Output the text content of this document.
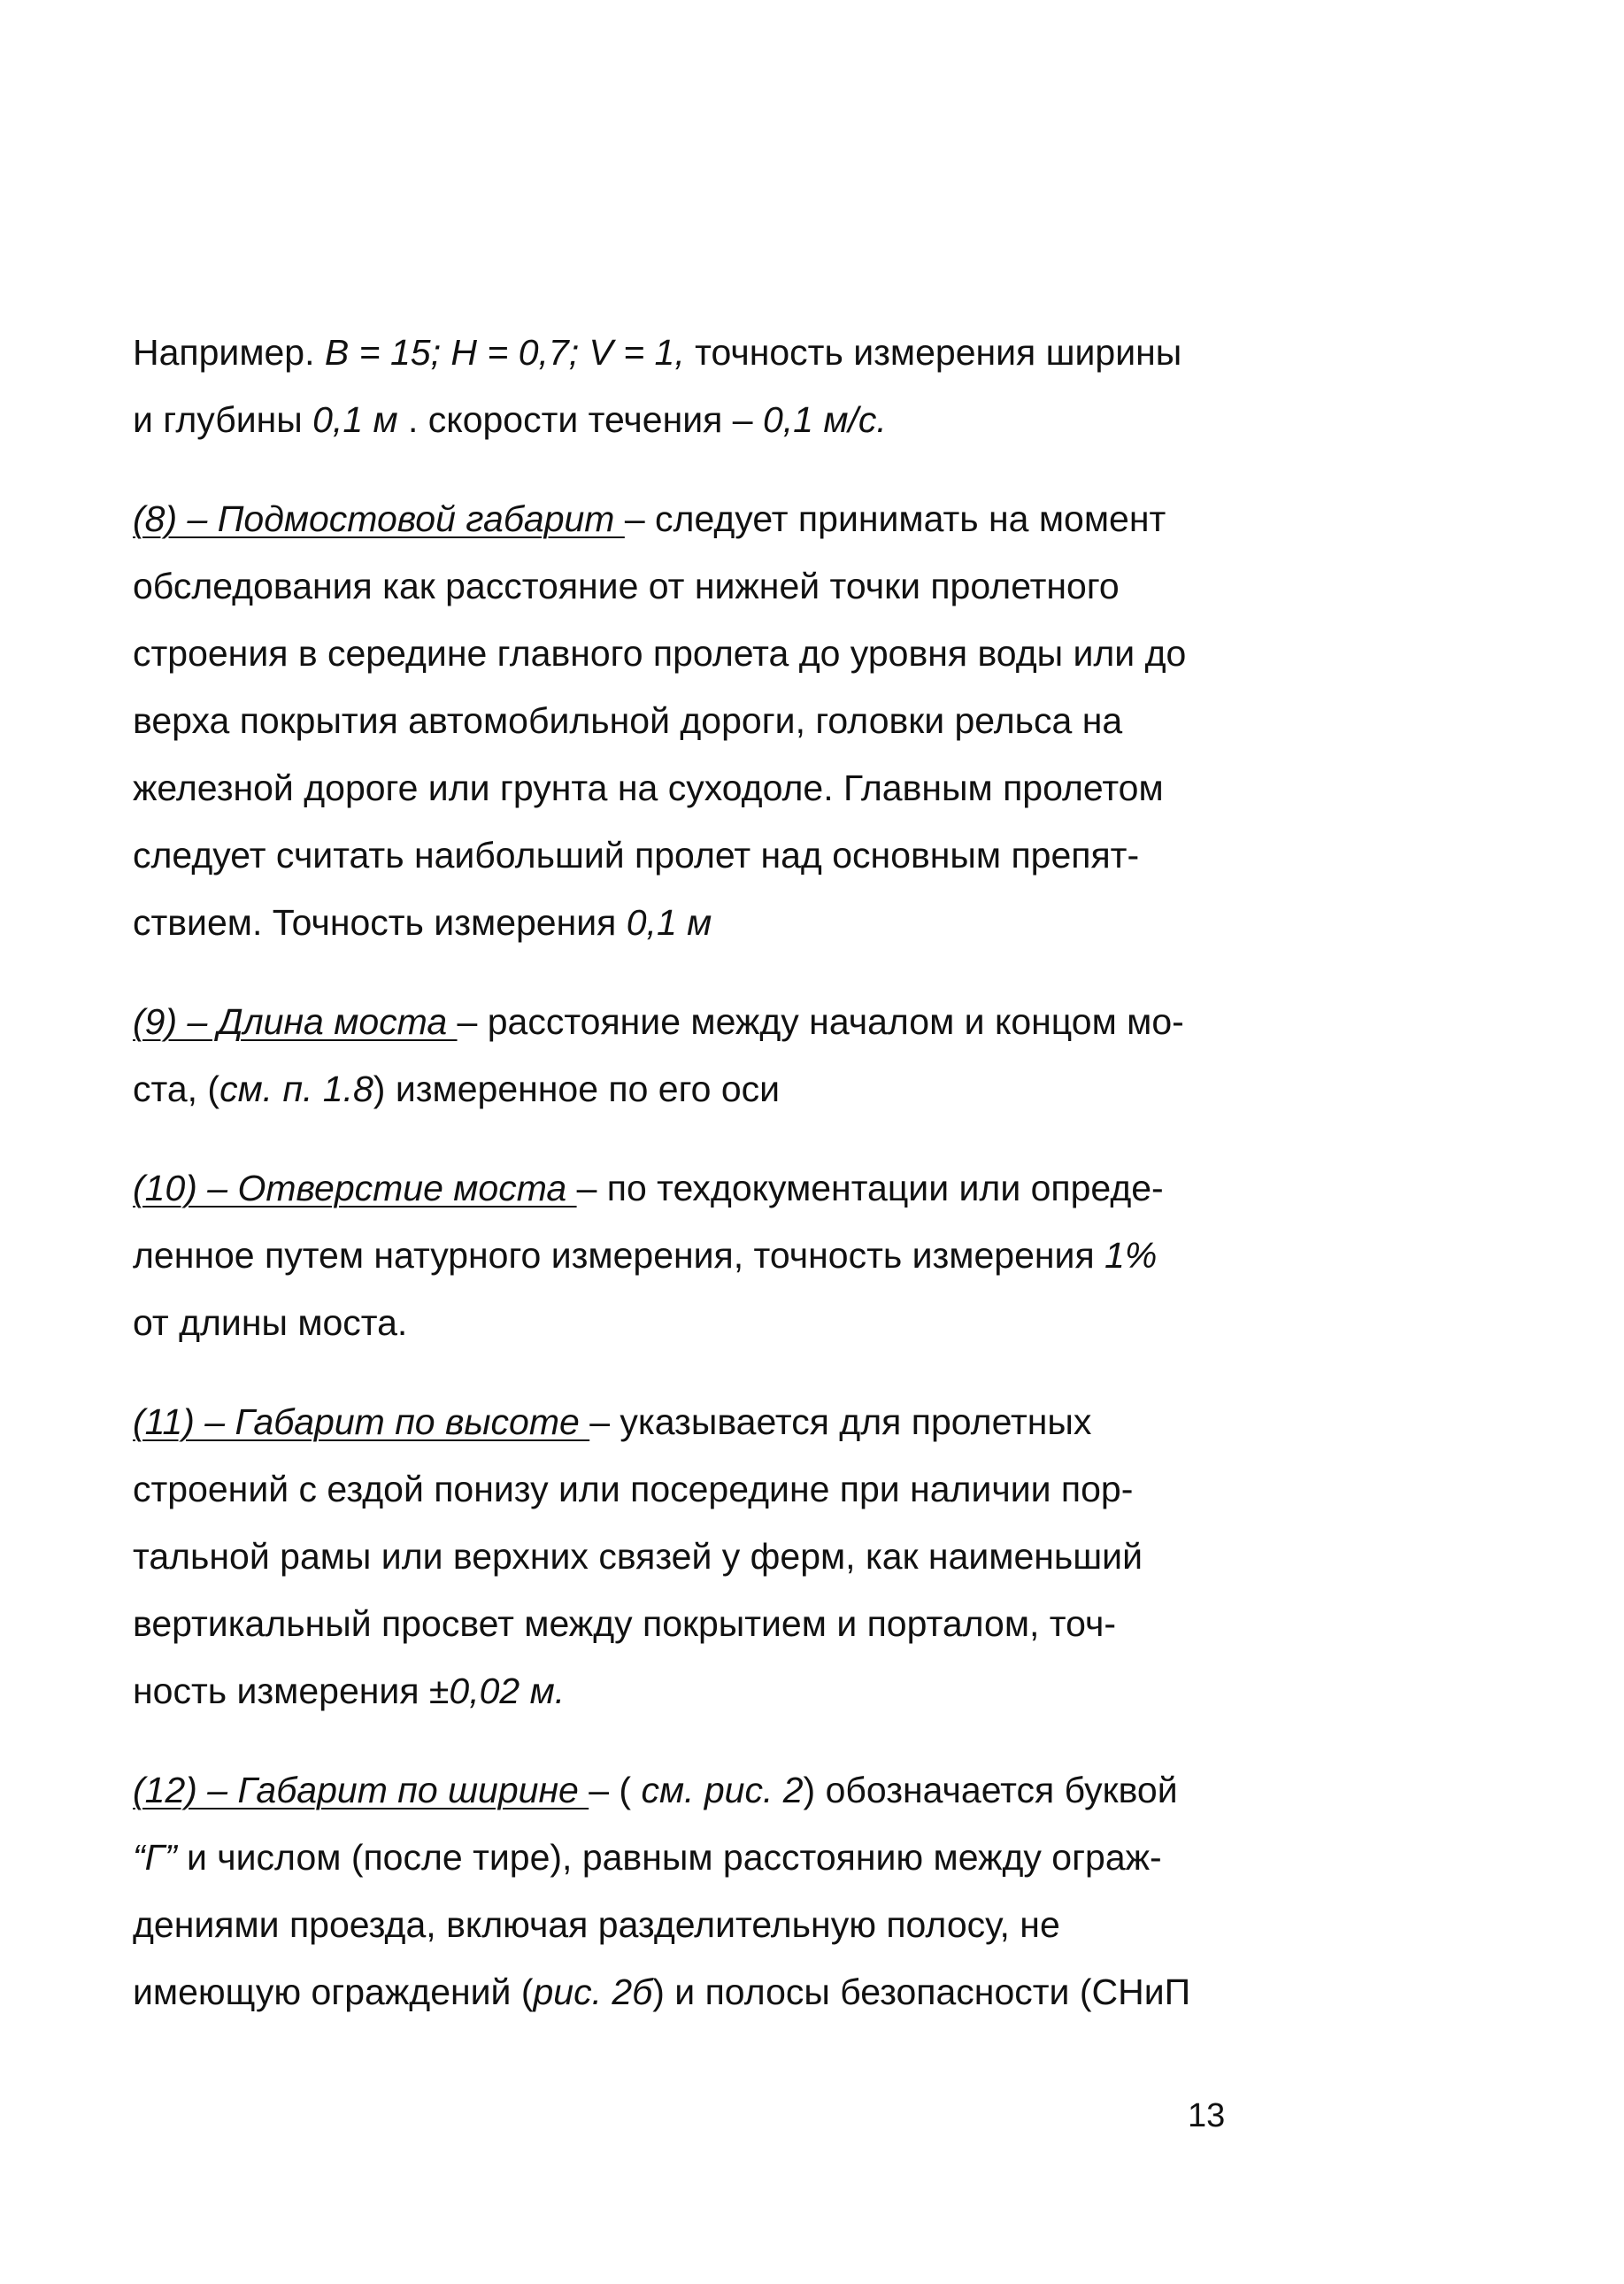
Например. B = 15; H = 0,7; V = 1, точность измерения ширины
и глубины 0,1 м . скорости течения – 0,1 м/с.
(8) – Подмостовой габарит – следует принимать на момент
обследования как расстояние от нижней точки пролетного
строения в середине главного пролета до уровня воды или до
верха покрытия автомобильной дороги, головки рельса на
железной дороге или грунта на суходоле. Главным пролетом
следует считать наибольший пролет над основным препят-
ствием. Точность измерения 0,1 м
(9) – Длина моста – расстояние между началом и концом мо-
ста, (см. п. 1.8) измеренное по его оси
(10) – Отверстие моста – по техдокументации или опреде-
ленное путем натурного измерения, точность измерения 1%
от длины моста.
(11) – Габарит по высоте – указывается для пролетных
строений с ездой понизу или посередине при наличии пор-
тальной рамы или верхних связей у ферм, как наименьший
вертикальный просвет между покрытием и порталом, точ-
ность измерения ±0,02 м.
(12) – Габарит по ширине – ( см. рис. 2) обозначается буквой
“Г” и числом (после тире), равным расстоянию между ограж-
дениями проезда, включая разделительную полосу, не
имеющую ограждений (рис. 2б) и полосы безопасности (СНиП
13
